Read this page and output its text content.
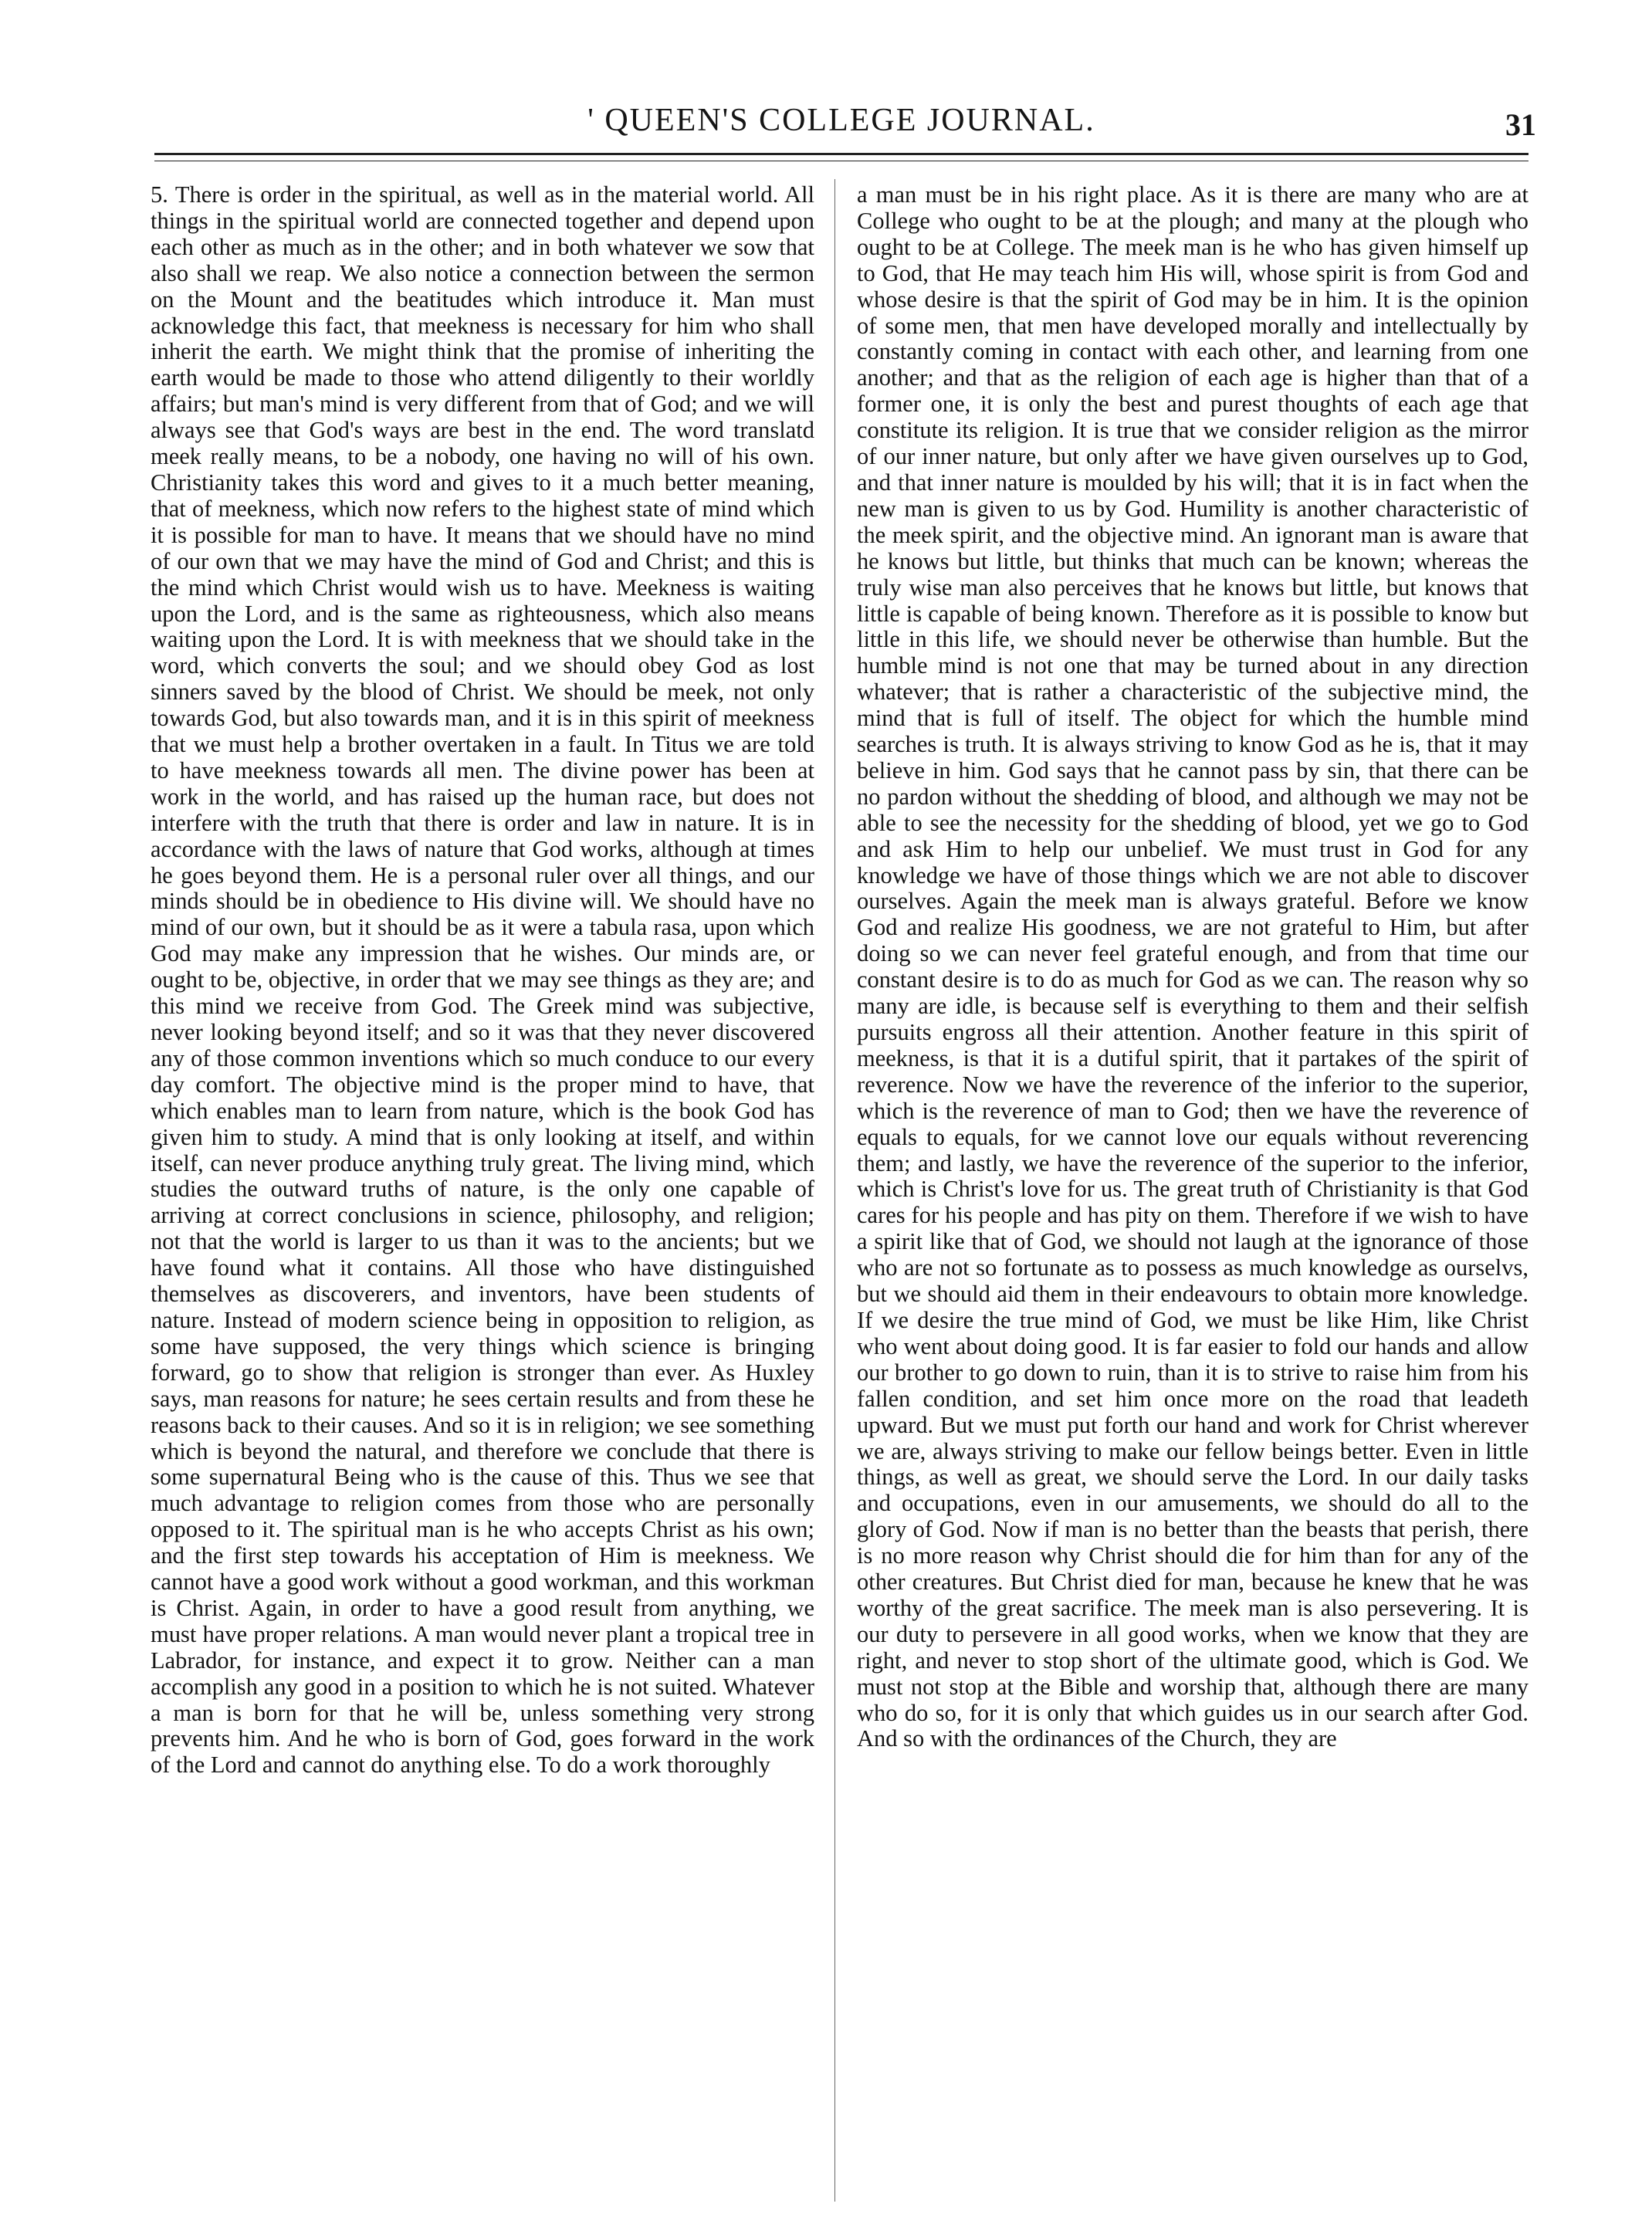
' QUEEN'S COLLEGE JOURNAL.	31

5. There is order in the spiritual, as well as in the material world. All things in the spiritual world are connected together and depend upon each other as much as in the other; and in both whatever we sow that also shall we reap. We also notice a connection between the sermon on the Mount and the beatitudes which introduce it. Man must acknowledge this fact, that meekness is necessary for him who shall inherit the earth. We might think that the promise of inheriting the earth would be made to those who attend diligently to their worldly affairs; but man's mind is very different from that of God; and we will always see that God's ways are best in the end. The word translatd meek really means, to be a nobody, one having no will of his own. Christianity takes this word and gives to it a much better meaning, that of meekness, which now refers to the highest state of mind which it is possible for man to have. It means that we should have no mind of our own that we may have the mind of God and Christ; and this is the mind which Christ would wish us to have. Meekness is waiting upon the Lord, and is the same as righteousness, which also means waiting upon the Lord. It is with meekness that we should take in the word, which converts the soul; and we should obey God as lost sinners saved by the blood of Christ. We should be meek, not only towards God, but also towards man, and it is in this spirit of meekness that we must help a brother overtaken in a fault. In Titus we are told to have meekness towards all men. The divine power has been at work in the world, and has raised up the human race, but does not interfere with the truth that there is order and law in nature. It is in accordance with the laws of nature that God works, although at times he goes beyond them. He is a personal ruler over all things, and our minds should be in obedience to His divine will. We should have no mind of our own, but it should be as it were a tabula rasa, upon which God may make any impression that he wishes. Our minds are, or ought to be, objective, in order that we may see things as they are; and this mind we receive from God. The Greek mind was subjective, never looking beyond itself; and so it was that they never discovered any of those common inventions which so much conduce to our every day comfort. The objective mind is the proper mind to have, that which enables man to learn from nature, which is the book God has given him to study. A mind that is only looking at itself, and within itself, can never produce anything truly great. The living mind, which studies the outward truths of nature, is the only one capable of arriving at correct conclusions in science, philosophy, and religion; not that the world is larger to us than it was to the ancients; but we have found what it contains. All those who have distinguished themselves as discoverers, and inventors, have been students of nature. Instead of modern science being in opposition to religion, as some have supposed, the very things which science is bringing forward, go to show that religion is stronger than ever. As Huxley says, man reasons for nature; he sees certain results and from these he reasons back to their causes. And so it is in religion; we see something which is beyond the natural, and therefore we conclude that there is some supernatural Being who is the cause of this. Thus we see that much advantage to religion comes from those who are personally opposed to it. The spiritual man is he who accepts Christ as his own; and the first step towards his acceptation of Him is meekness. We cannot have a good work without a good workman, and this workman is Christ. Again, in order to have a good result from anything, we must have proper relations. A man would never plant a tropical tree in Labrador, for instance, and expect it to grow. Neither can a man accomplish any good in a position to which he is not suited. Whatever a man is born for that he will be, unless something very strong prevents him. And he who is born of God, goes forward in the work of the Lord and cannot do anything else. To do a work thoroughly

a man must be in his right place. As it is there are many who are at College who ought to be at the plough; and many at the plough who ought to be at College. The meek man is he who has given himself up to God, that He may teach him His will, whose spirit is from God and whose desire is that the spirit of God may be in him. It is the opinion of some men, that men have developed morally and intellectually by constantly coming in contact with each other, and learning from one another; and that as the religion of each age is higher than that of a former one, it is only the best and purest thoughts of each age that constitute its religion. It is true that we consider religion as the mirror of our inner nature, but only after we have given ourselves up to God, and that inner nature is moulded by his will; that it is in fact when the new man is given to us by God. Humility is another characteristic of the meek spirit, and the objective mind. An ignorant man is aware that he knows but little, but thinks that much can be known; whereas the truly wise man also perceives that he knows but little, but knows that little is capable of being known. Therefore as it is possible to know but little in this life, we should never be otherwise than humble. But the humble mind is not one that may be turned about in any direction whatever; that is rather a characteristic of the subjective mind, the mind that is full of itself. The object for which the humble mind searches is truth. It is always striving to know God as he is, that it may believe in him. God says that he cannot pass by sin, that there can be no pardon without the shedding of blood, and although we may not be able to see the necessity for the shedding of blood, yet we go to God and ask Him to help our unbelief. We must trust in God for any knowledge we have of those things which we are not able to discover ourselves. Again the meek man is always grateful. Before we know God and realize His goodness, we are not grateful to Him, but after doing so we can never feel grateful enough, and from that time our constant desire is to do as much for God as we can. The reason why so many are idle, is because self is everything to them and their selfish pursuits engross all their attention. Another feature in this spirit of meekness, is that it is a dutiful spirit, that it partakes of the spirit of reverence. Now we have the reverence of the inferior to the superior, which is the reverence of man to God; then we have the reverence of equals to equals, for we cannot love our equals without reverencing them; and lastly, we have the reverence of the superior to the inferior, which is Christ's love for us. The great truth of Christianity is that God cares for his people and has pity on them. Therefore if we wish to have a spirit like that of God, we should not laugh at the ignorance of those who are not so fortunate as to possess as much knowledge as ourselvs, but we should aid them in their endeavours to obtain more knowledge. If we desire the true mind of God, we must be like Him, like Christ who went about doing good. It is far easier to fold our hands and allow our brother to go down to ruin, than it is to strive to raise him from his fallen condition, and set him once more on the road that leadeth upward. But we must put forth our hand and work for Christ wherever we are, always striving to make our fellow beings better. Even in little things, as well as great, we should serve the Lord. In our daily tasks and occupations, even in our amusements, we should do all to the glory of God. Now if man is no better than the beasts that perish, there is no more reason why Christ should die for him than for any of the other creatures. But Christ died for man, because he knew that he was worthy of the great sacrifice. The meek man is also persevering. It is our duty to persevere in all good works, when we know that they are right, and never to stop short of the ultimate good, which is God. We must not stop at the Bible and worship that, although there are many who do so, for it is only that which guides us in our search after God. And so with the ordinances of the Church, they are
